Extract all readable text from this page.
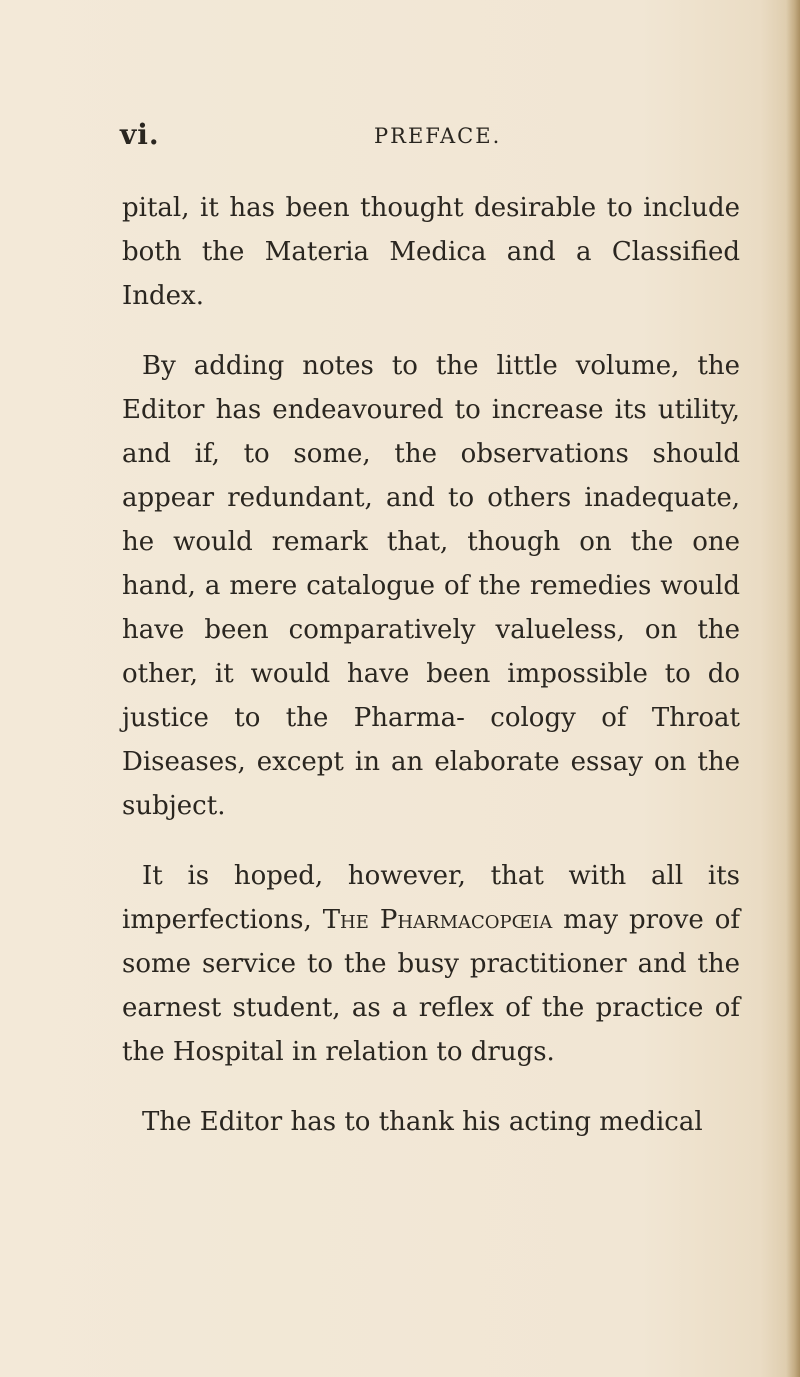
vi.	PREFACE.

pital, it has been thought desirable to include both the Materia Medica and a Classified Index.

By adding notes to the little volume, the Editor has endeavoured to increase its utility, and if, to some, the observations should appear redundant, and to others inadequate, he would remark that, though on the one hand, a mere catalogue of the remedies would have been comparatively valueless, on the other, it would have been impossible to do justice to the Pharma- cology of Throat Diseases, except in an elaborate essay on the subject.

It is hoped, however, that with all its imperfections, The Pharmacopœia may prove of some service to the busy practitioner and the earnest student, as a reflex of the practice of the Hospital in relation to drugs.

The Editor has to thank his acting medical
